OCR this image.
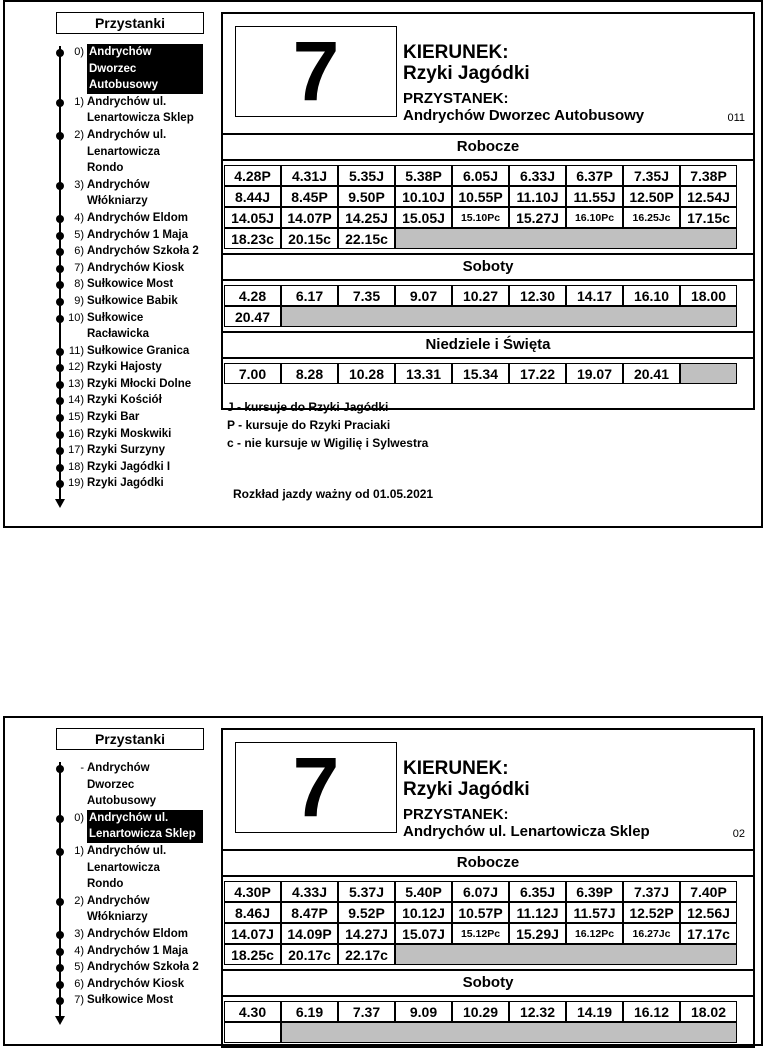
Przystanki
0) Andrychów Dworzec Autobusowy
1) Andrychów ul. Lenartowicza Sklep
2) Andrychów ul. Lenartowicza Rondo
3) Andrychów Włókniarzy
4) Andrychów Eldom
5) Andrychów 1 Maja
6) Andrychów Szkoła 2
7) Andrychów Kiosk
8) Sułkowice Most
9) Sułkowice Babik
10) Sułkowice Racławicka
11) Sułkowice Granica
12) Rzyki Hajosty
13) Rzyki Młocki Dolne
14) Rzyki Kościół
15) Rzyki Bar
16) Rzyki Moskwiki
17) Rzyki Surzyny
18) Rzyki Jagódki I
19) Rzyki Jagódki
7	KIERUNEK:
Rzyki Jagódki
PRZYSTANEK:
Andrychów Dworzec Autobusowy	011
Robocze
4.28P	4.31J	5.35J	5.38P	6.05J	6.33J	6.37P	7.35J	7.38P
8.44J	8.45P	9.50P	10.10J	10.55P	11.10J	11.55J	12.50P	12.54J
14.05J	14.07P	14.25J	15.05J	15.10Pc	15.27J	16.10Pc	16.25Jc	17.15c
18.23c	20.15c	22.15c						
Soboty
4.28	6.17	7.35	9.07	10.27	12.30	14.17	16.10	18.00
20.47								
Niedziele i Święta
7.00	8.28	10.28	13.31	15.34	17.22	19.07	20.41	
J - kursuje do Rzyki Jagódki
P - kursuje do Rzyki Praciaki
c - nie kursuje w Wigilię i Sylwestra
Rozkład jazdy ważny od 01.05.2021
Przystanki
- Andrychów Dworzec Autobusowy
0) Andrychów ul. Lenartowicza Sklep
1) Andrychów ul. Lenartowicza Rondo
2) Andrychów Włókniarzy
3) Andrychów Eldom
4) Andrychów 1 Maja
5) Andrychów Szkoła 2
6) Andrychów Kiosk
7) Sułkowice Most
7	KIERUNEK:
Rzyki Jagódki
PRZYSTANEK:
Andrychów ul. Lenartowicza Sklep	02
Robocze
4.30P	4.33J	5.37J	5.40P	6.07J	6.35J	6.39P	7.37J	7.40P
8.46J	8.47P	9.52P	10.12J	10.57P	11.12J	11.57J	12.52P	12.56J
14.07J	14.09P	14.27J	15.07J	15.12Pc	15.29J	16.12Pc	16.27Jc	17.17c
18.25c	20.17c	22.17c						
Soboty
4.30	6.19	7.37	9.09	10.29	12.32	14.19	16.12	18.02
